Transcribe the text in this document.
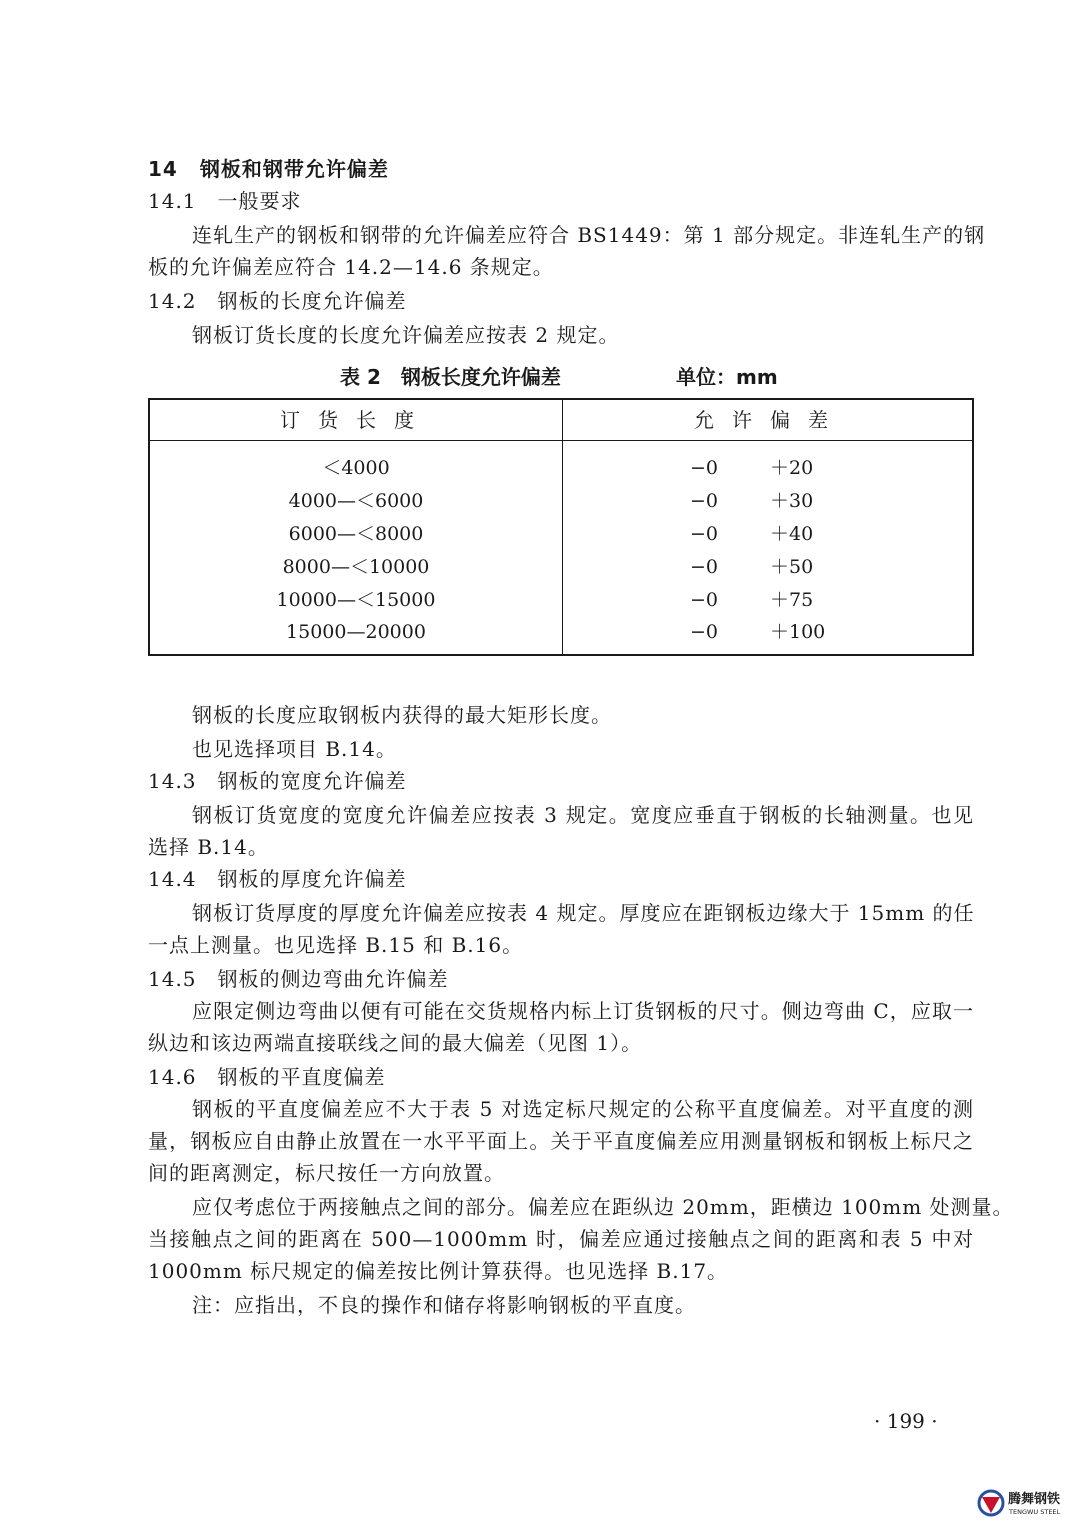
14 钢板和钢带允许偏差
14.1　一般要求
连轧生产的钢板和钢带的允许偏差应符合 BS1449：第 1 部分规定。非连轧生产的钢
板的允许偏差应符合 14.2—14.6 条规定。
14.2　钢板的长度允许偏差
钢板订货长度的长度允许偏差应按表 2 规定。
表 2　钢板长度允许偏差	单位：mm
订货长度	允许偏差
＜4000	−0	＋20
4000—＜6000	−0	＋30
6000—＜8000	−0	＋40
8000—＜10000	−0	＋50
10000—＜15000	−0	＋75
15000—20000	−0	＋100
钢板的长度应取钢板内获得的最大矩形长度。
也见选择项目 B.14。
14.3　钢板的宽度允许偏差
钢板订货宽度的宽度允许偏差应按表 3 规定。宽度应垂直于钢板的长轴测量。也见
选择 B.14。
14.4　钢板的厚度允许偏差
钢板订货厚度的厚度允许偏差应按表 4 规定。厚度应在距钢板边缘大于 15mm 的任
一点上测量。也见选择 B.15 和 B.16。
14.5　钢板的侧边弯曲允许偏差
应限定侧边弯曲以便有可能在交货规格内标上订货钢板的尺寸。侧边弯曲 C，应取一
纵边和该边两端直接联线之间的最大偏差（见图 1）。
14.6　钢板的平直度偏差
钢板的平直度偏差应不大于表 5 对选定标尺规定的公称平直度偏差。对平直度的测
量，钢板应自由静止放置在一水平平面上。关于平直度偏差应用测量钢板和钢板上标尺之
间的距离测定，标尺按任一方向放置。
应仅考虑位于两接触点之间的部分。偏差应在距纵边 20mm，距横边 100mm 处测量。
当接触点之间的距离在 500—1000mm 时，偏差应通过接触点之间的距离和表 5 中对
1000mm 标尺规定的偏差按比例计算获得。也见选择 B.17。
注：应指出，不良的操作和储存将影响钢板的平直度。
· 199 ·
腾舞钢铁
TENGWU STEEL
